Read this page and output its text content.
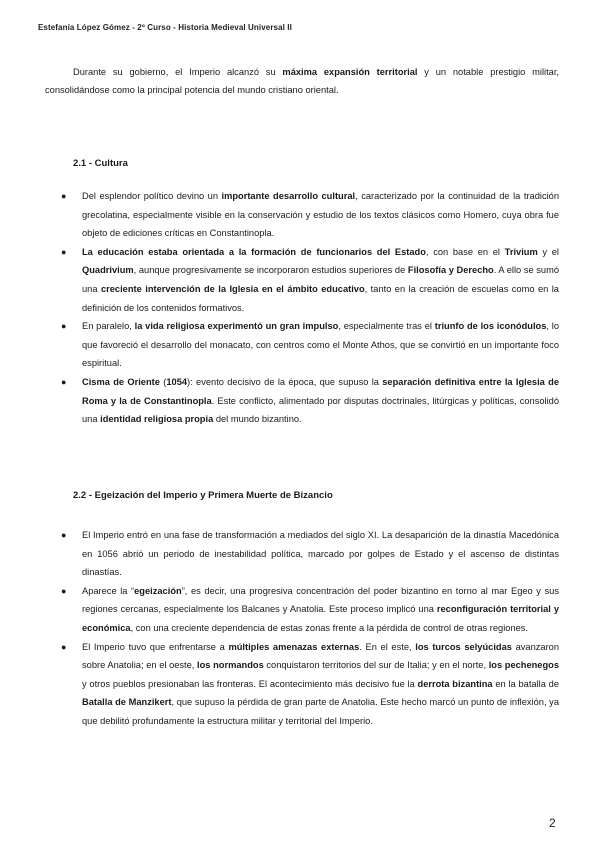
Estefanía López Gómez - 2º Curso - Historia Medieval Universal II

Durante su gobierno, el Imperio alcanzó su máxima expansión territorial y un notable prestigio militar, consolidándose como la principal potencia del mundo cristiano oriental.

2.1 - Cultura
● Del esplendor político devino un importante desarrollo cultural, caracterizado por la continuidad de la tradición grecolatina, especialmente visible en la conservación y estudio de los textos clásicos como Homero, cuya obra fue objeto de ediciones críticas en Constantinopla.
● La educación estaba orientada a la formación de funcionarios del Estado, con base en el Trivium y el Quadrivium, aunque progresivamente se incorporaron estudios superiores de Filosofía y Derecho. A ello se sumó una creciente intervención de la Iglesia en el ámbito educativo, tanto en la creación de escuelas como en la definición de los contenidos formativos.
● En paralelo, la vida religiosa experimentó un gran impulso, especialmente tras el triunfo de los iconódulos, lo que favoreció el desarrollo del monacato, con centros como el Monte Athos, que se convirtió en un importante foco espiritual.
● Cisma de Oriente (1054): evento decisivo de la época, que supuso la separación definitiva entre la Iglesia de Roma y la de Constantinopla. Este conflicto, alimentado por disputas doctrinales, litúrgicas y políticas, consolidó una identidad religiosa propia del mundo bizantino.
2.2 - Egeización del Imperio y Primera Muerte de Bizancio
● El Imperio entró en una fase de transformación a mediados del siglo XI. La desaparición de la dinastía Macedónica en 1056 abrió un periodo de inestabilidad política, marcado por golpes de Estado y el ascenso de distintas dinastías.
● Aparece la “egeización”, es decir, una progresiva concentración del poder bizantino en torno al mar Egeo y sus regiones cercanas, especialmente los Balcanes y Anatolia. Este proceso implicó una reconfiguración territorial y económica, con una creciente dependencia de estas zonas frente a la pérdida de control de otras regiones.
● El Imperio tuvo que enfrentarse a múltiples amenazas externas. En el este, los turcos selyúcidas avanzaron sobre Anatolia; en el oeste, los normandos conquistaron territorios del sur de Italia; y en el norte, los pechenegos y otros pueblos presionaban las fronteras. El acontecimiento más decisivo fue la derrota bizantina en la batalla de Batalla de Manzikert, que supuso la pérdida de gran parte de Anatolia. Este hecho marcó un punto de inflexión, ya que debilitó profundamente la estructura militar y territorial del Imperio.
2
